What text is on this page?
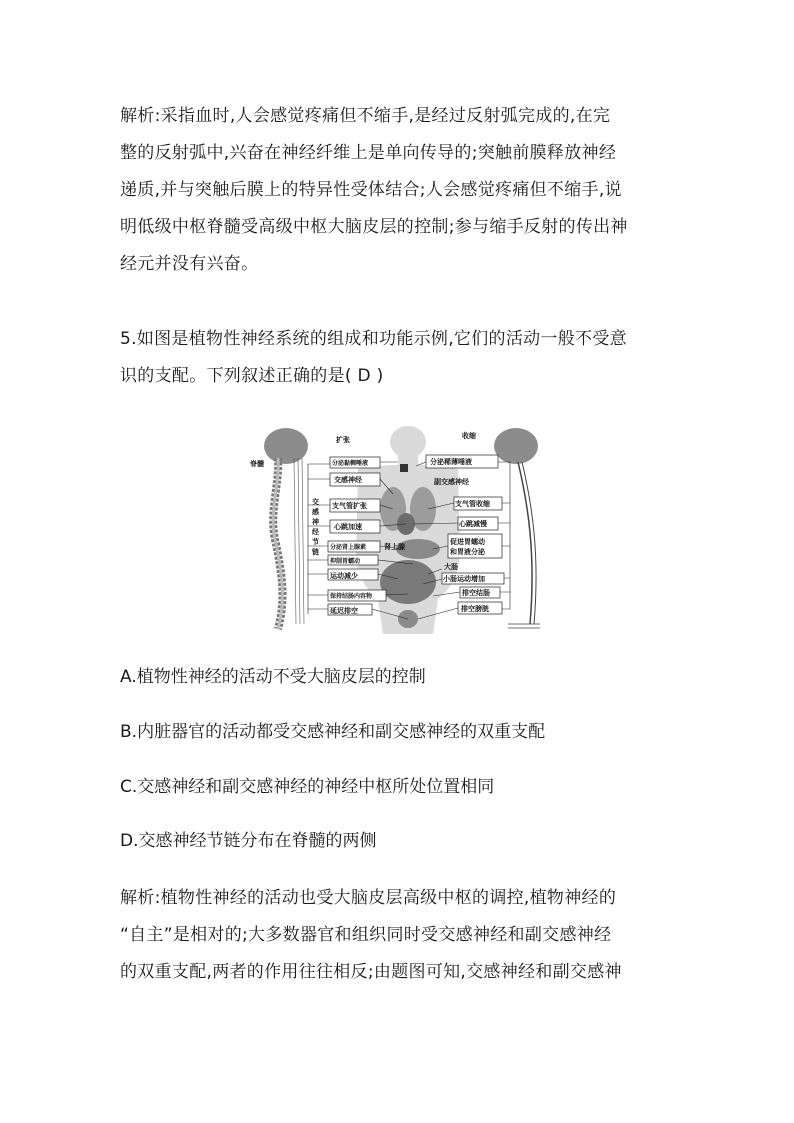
解析:采指血时,人会感觉疼痛但不缩手,是经过反射弧完成的,在完
整的反射弧中,兴奋在神经纤维上是单向传导的;突触前膜释放神经
递质,并与突触后膜上的特异性受体结合;人会感觉疼痛但不缩手,说
明低级中枢脊髓受高级中枢大脑皮层的控制;参与缩手反射的传出神
经元并没有兴奋。
5.如图是植物性神经系统的组成和功能示例,它们的活动一般不受意
识的支配。下列叙述正确的是( D )
扩张	收缩
脊髓
交
感
神
经
节
链
分泌黏稠唾液
交感神经
支气管扩张
心跳加速
分泌肾上腺素
抑制胃蠕动
运动减少
保持结肠内容物
延迟排空
肾上腺
分泌稀薄唾液
副交感神经
支气管收缩
心跳减慢
促进胃蠕动
和胃液分泌
大肠
小肠运动增加
排空结肠
排空膀胱
A.植物性神经的活动不受大脑皮层的控制
B.内脏器官的活动都受交感神经和副交感神经的双重支配
C.交感神经和副交感神经的神经中枢所处位置相同
D.交感神经节链分布在脊髓的两侧
解析:植物性神经的活动也受大脑皮层高级中枢的调控,植物神经的
“自主”是相对的;大多数器官和组织同时受交感神经和副交感神经
的双重支配,两者的作用往往相反;由题图可知,交感神经和副交感神
